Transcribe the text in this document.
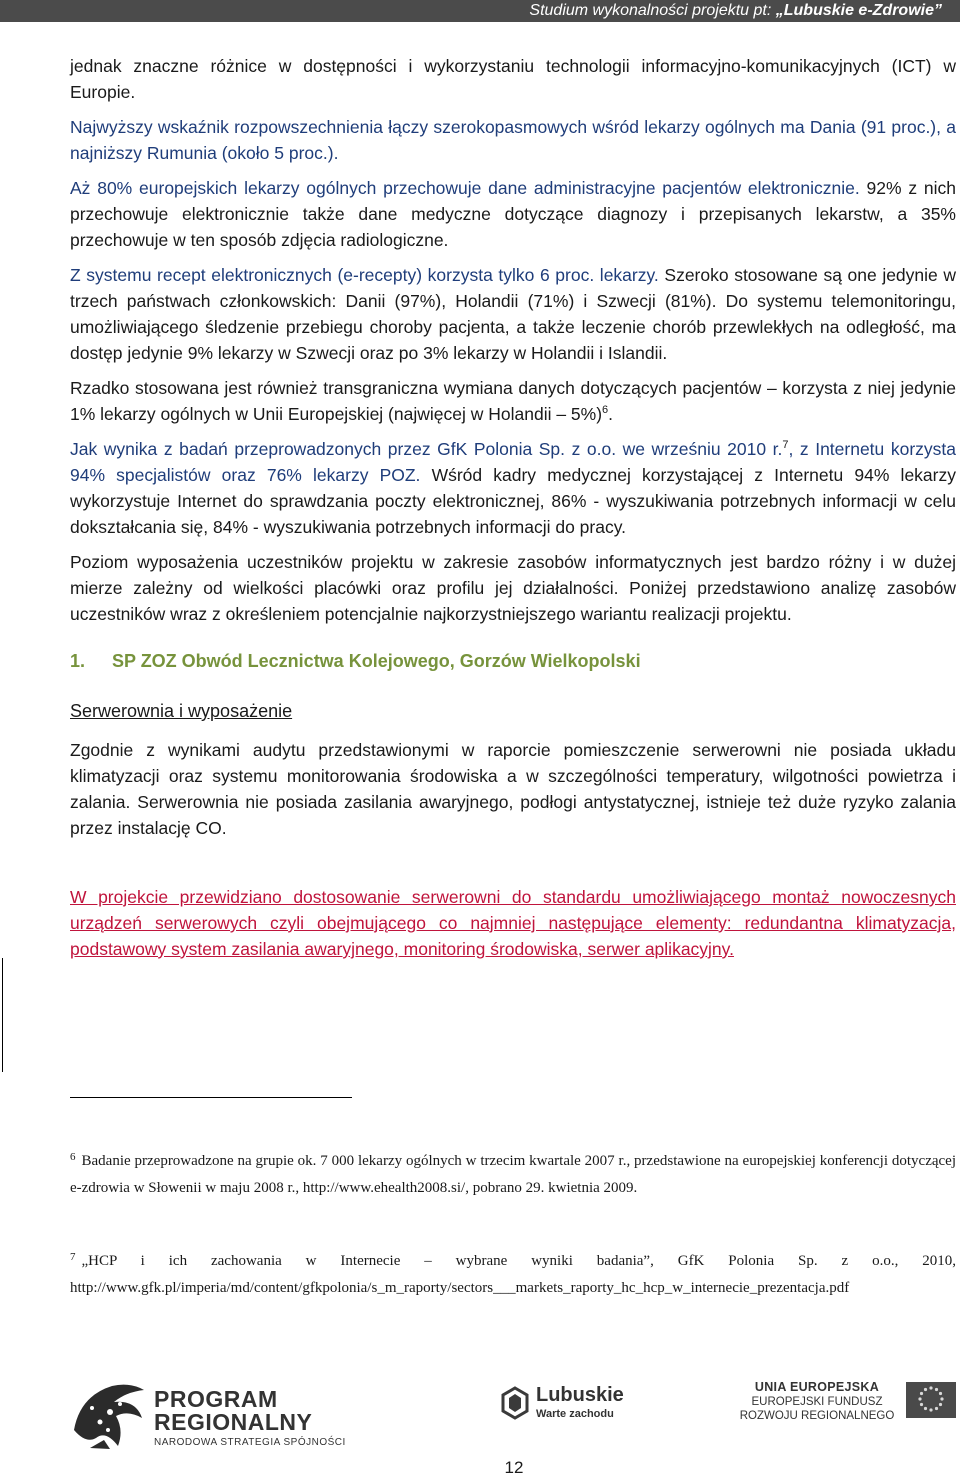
Studium wykonalności projektu pt: „Lubuskie e-Zdrowie”

jednak znaczne różnice w dostępności i wykorzystaniu technologii informacyjno-komunikacyjnych (ICT) w Europie.

Najwyższy wskaźnik rozpowszechnienia łączy szerokopasmowych wśród lekarzy ogólnych ma Dania (91 proc.), a najniższy Rumunia (około 5 proc.).

Aż 80% europejskich lekarzy ogólnych przechowuje dane administracyjne pacjentów elektronicznie. 92% z nich przechowuje elektronicznie także dane medyczne dotyczące diagnozy i przepisanych lekarstw, a 35% przechowuje w ten sposób zdjęcia radiologiczne.

Z systemu recept elektronicznych (e-recepty) korzysta tylko 6 proc. lekarzy. Szeroko stosowane są one jedynie w trzech państwach członkowskich: Danii (97%), Holandii (71%) i Szwecji (81%). Do systemu telemonitoringu, umożliwiającego śledzenie przebiegu choroby pacjenta, a także leczenie chorób przewlekłych na odległość, ma dostęp jedynie 9% lekarzy w Szwecji oraz po 3% lekarzy w Holandii i Islandii.

Rzadko stosowana jest również transgraniczna wymiana danych dotyczących pacjentów – korzysta z niej jedynie 1% lekarzy ogólnych w Unii Europejskiej (najwięcej w Holandii – 5%)$^6$.

Jak wynika z badań przeprowadzonych przez GfK Polonia Sp. z o.o. we wrześniu 2010 r.$^7$, z Internetu korzysta 94% specjalistów oraz 76% lekarzy POZ. Wśród kadry medycznej korzystającej z Internetu 94% lekarzy wykorzystuje Internet do sprawdzania poczty elektronicznej, 86% - wyszukiwania potrzebnych informacji w celu dokształcania się, 84% - wyszukiwania potrzebnych informacji do pracy.

Poziom wyposażenia uczestników projektu w zakresie zasobów informatycznych jest bardzo różny i w dużej mierze zależny od wielkości placówki oraz profilu jej działalności. Poniżej przedstawiono analizę zasobów uczestników wraz z określeniem potencjalnie najkorzystniejszego wariantu realizacji projektu.

1. SP ZOZ Obwód Lecznictwa Kolejowego, Gorzów Wielkopolski
Serwerownia i wyposażenie

Zgodnie z wynikami audytu przedstawionymi w raporcie pomieszczenie serwerowni nie posiada układu klimatyzacji oraz systemu monitorowania środowiska a w szczególności temperatury, wilgotności powietrza i zalania. Serwerownia nie posiada zasilania awaryjnego, podłogi antystatycznej, istnieje też duże ryzyko zalania przez instalację CO.

W projekcie przewidziano dostosowanie serwerowni do standardu umożliwiającego montaż nowoczesnych urządzeń serwerowych czyli obejmującego co najmniej następujące elementy: redundantna klimatyzacja, podstawowy system zasilania awaryjnego, monitoring środowiska, serwer aplikacyjny.

$^6$ Badanie przeprowadzone na grupie ok. 7 000 lekarzy ogólnych w trzecim kwartale 2007 r., przedstawione na europejskiej konferencji dotyczącej e-zdrowia w Słowenii w maju 2008 r., http://www.ehealth2008.si/, pobrano 29. kwietnia 2009.
$^7$ „HCP i ich zachowania w Internecie – wybrane wyniki badania”, GfK Polonia Sp. z o.o., 2010, http://www.gfk.pl/imperia/md/content/gfkpolonia/s_m_raporty/sectors___markets_raporty_hc_hcp_w_internecie_prezentacja.pdf
PROGRAM
REGIONALNY
NARODOWA STRATEGIA SPÓJNOŚCI
Lubuskie
Warte zachodu
UNIA EUROPEJSKA
EUROPEJSKI FUNDUSZ
ROZWOJU REGIONALNEGO
12
